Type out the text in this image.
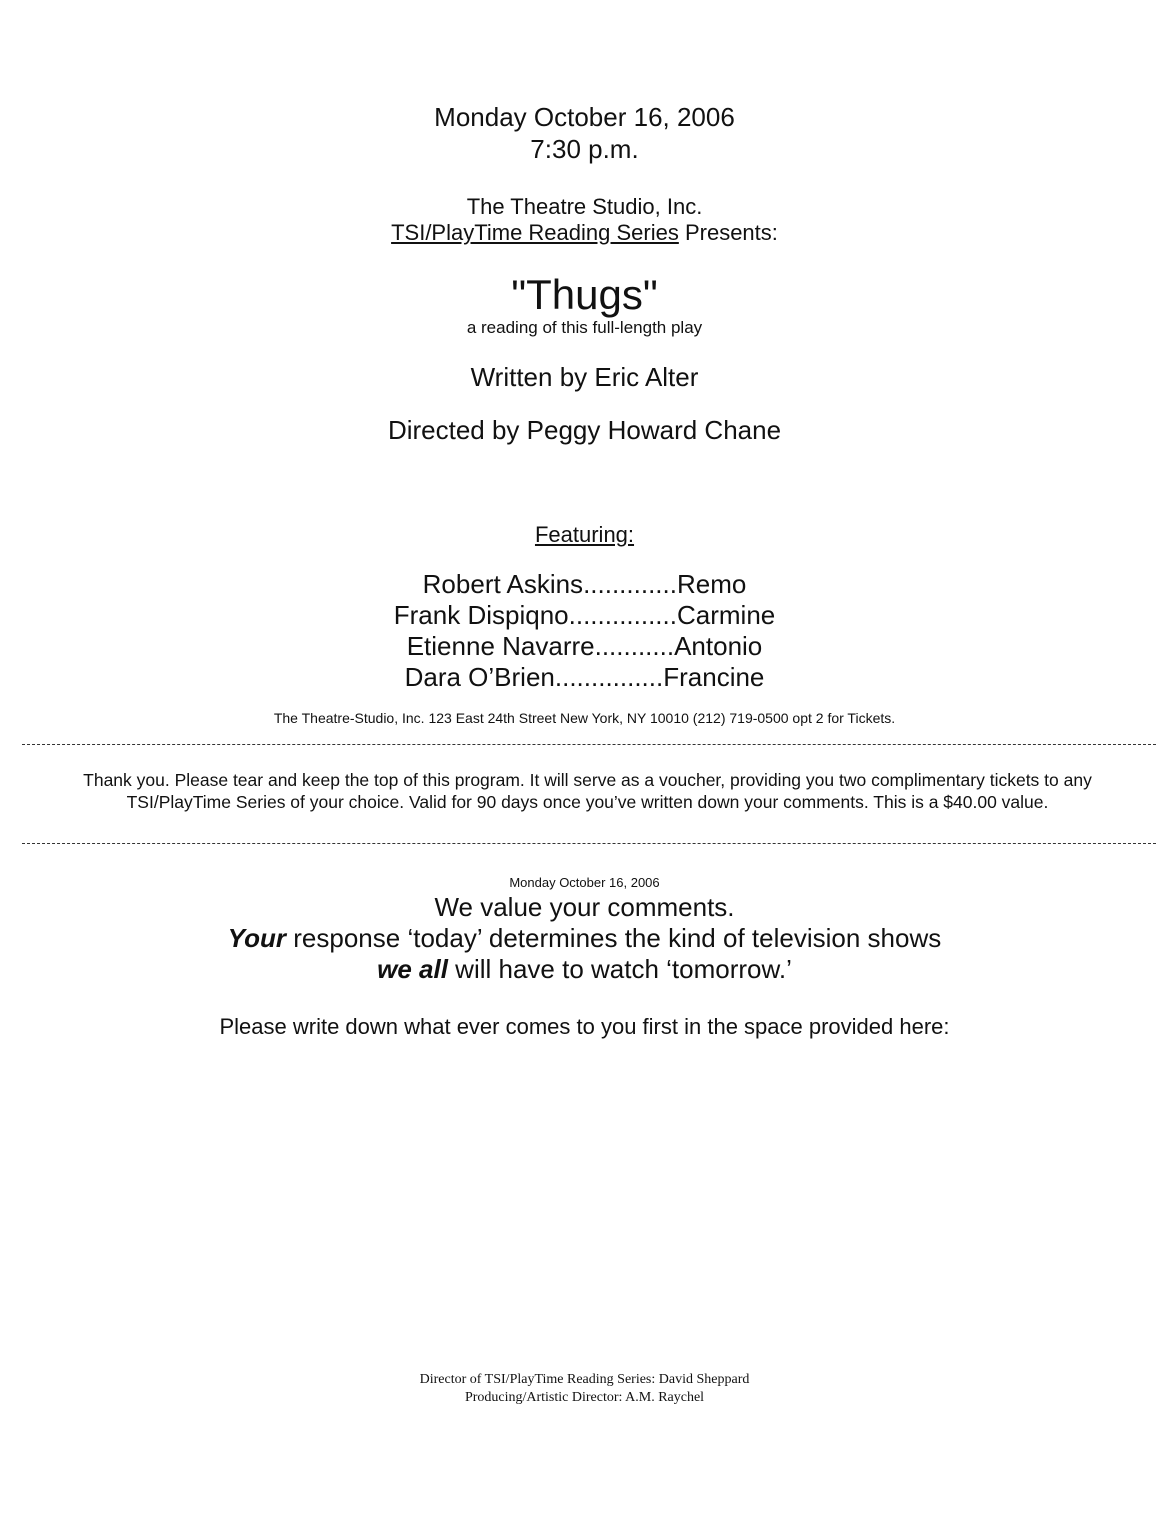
Monday October 16, 2006
7:30 p.m.
The Theatre Studio, Inc.
TSI/PlayTime Reading Series Presents:
"Thugs"
a reading of this full-length play
Written by Eric Alter
Directed by Peggy Howard Chane
Featuring:
Robert Askins.............Remo
Frank Dispiqno...............Carmine
Etienne Navarre...........Antonio
Dara O’Brien...............Francine
The Theatre-Studio, Inc. 123 East 24th Street New York, NY 10010 (212) 719-0500 opt 2 for Tickets.
Thank you. Please tear and keep the top of this program. It will serve as a voucher, providing you two complimentary tickets to any
TSI/PlayTime Series of your choice. Valid for 90 days once you’ve written down your comments. This is a $40.00 value.
Monday October 16, 2006
We value your comments.
Your response ‘today’ determines the kind of television shows
we all will have to watch ‘tomorrow.’
Please write down what ever comes to you first in the space provided here:
Director of TSI/PlayTime Reading Series: David Sheppard
Producing/Artistic Director: A.M. Raychel
